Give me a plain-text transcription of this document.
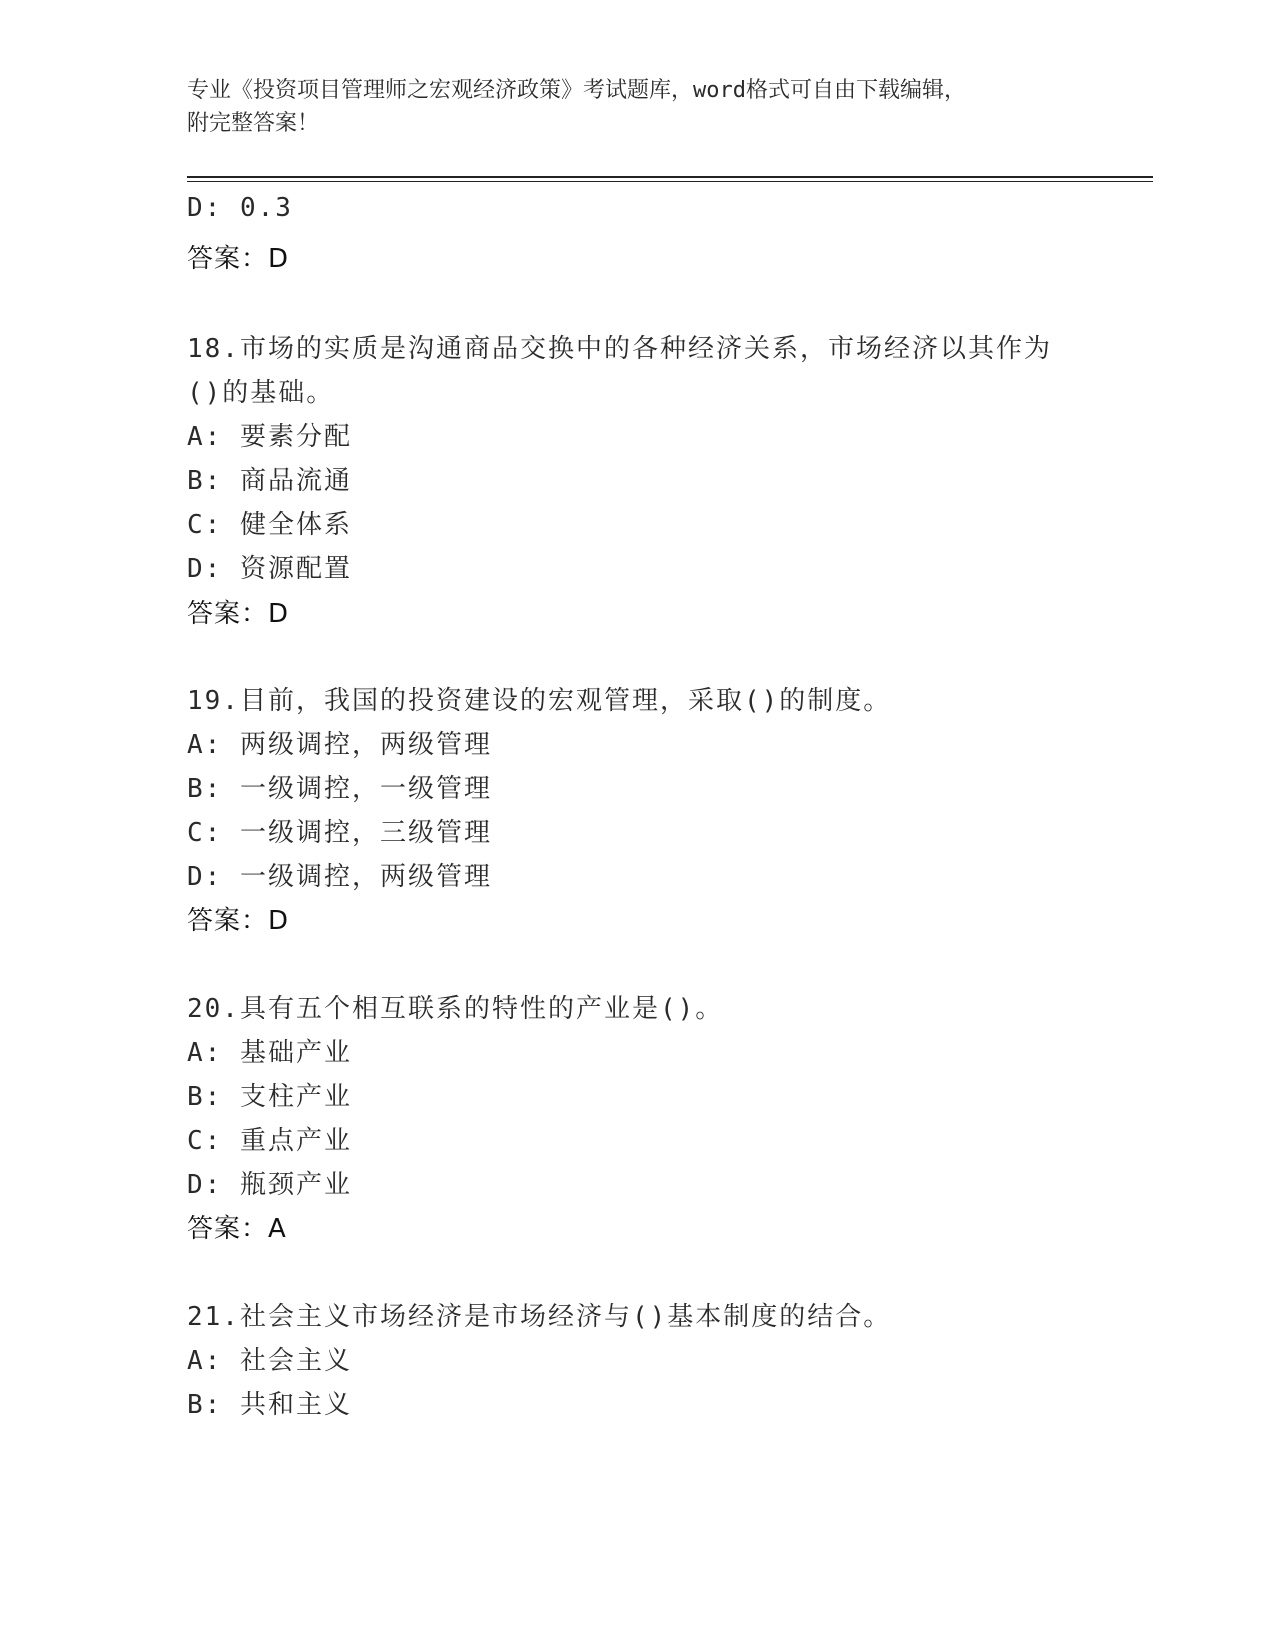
专业《投资项目管理师之宏观经济政策》考试题库，word格式可自由下载编辑，
附完整答案！
D: 0.3
答案：D
18.市场的实质是沟通商品交换中的各种经济关系，市场经济以其作为
()的基础。
A: 要素分配
B: 商品流通
C: 健全体系
D: 资源配置
答案：D
19.目前，我国的投资建设的宏观管理，采取()的制度。
A: 两级调控，两级管理
B: 一级调控，一级管理
C: 一级调控，三级管理
D: 一级调控，两级管理
答案：D
20.具有五个相互联系的特性的产业是()。
A: 基础产业
B: 支柱产业
C: 重点产业
D: 瓶颈产业
答案：A
21.社会主义市场经济是市场经济与()基本制度的结合。
A: 社会主义
B: 共和主义
